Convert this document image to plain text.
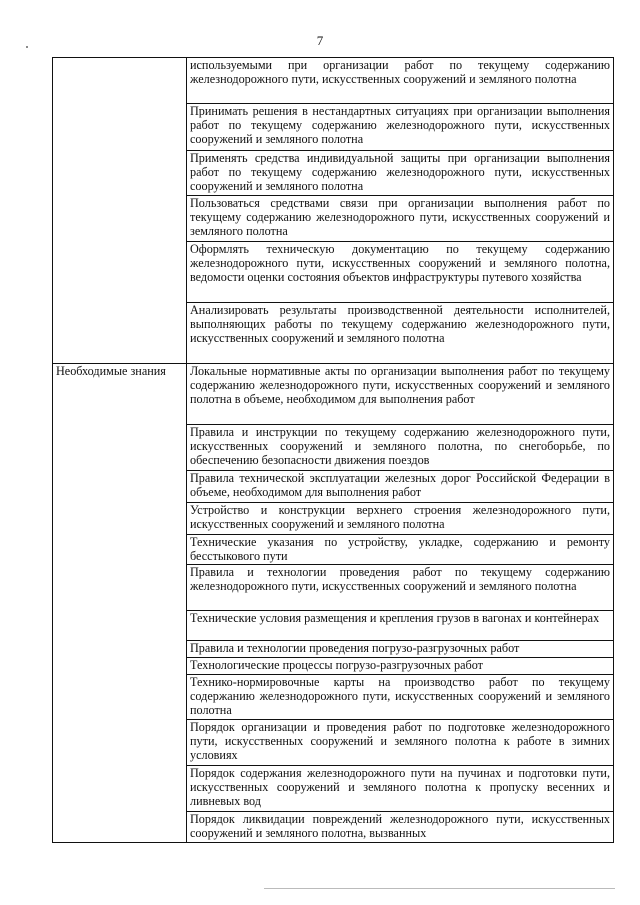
7
	используемыми при организации работ по текущему содержанию железнодорожного пути, искусственных сооружений и земляного полотна
	Принимать решения в нестандартных ситуациях при организации выполнения работ по текущему содержанию железнодорожного пути, искусственных сооружений и земляного полотна
	Применять средства индивидуальной защиты при организации выполнения работ по текущему содержанию железнодорожного пути, искусственных сооружений и земляного полотна
	Пользоваться средствами связи при организации выполнения работ по текущему содержанию железнодорожного пути, искусственных сооружений и земляного полотна
	Оформлять техническую документацию по текущему содержанию железнодорожного пути, искусственных сооружений и земляного полотна, ведомости оценки состояния объектов инфраструктуры путевого хозяйства
	Анализировать результаты производственной деятельности исполнителей, выполняющих работы по текущему содержанию железнодорожного пути, искусственных сооружений и земляного полотна
Необходимые знания	Локальные нормативные акты по организации выполнения работ по текущему содержанию железнодорожного пути, искусственных сооружений и земляного полотна в объеме, необходимом для выполнения работ
	Правила и инструкции по текущему содержанию железнодорожного пути, искусственных сооружений и земляного полотна, по снегоборьбе, по обеспечению безопасности движения поездов
	Правила технической эксплуатации железных дорог Российской Федерации в объеме, необходимом для выполнения работ
	Устройство и конструкции верхнего строения железнодорожного пути, искусственных сооружений и земляного полотна
	Технические указания по устройству, укладке, содержанию и ремонту бесстыкового пути
	Правила и технологии проведения работ по текущему содержанию железнодорожного пути, искусственных сооружений и земляного полотна
	Технические условия размещения и крепления грузов в вагонах и контейнерах
	Правила и технологии проведения погрузо-разгрузочных работ
	Технологические процессы погрузо-разгрузочных работ
	Технико-нормировочные карты на производство работ по текущему содержанию железнодорожного пути, искусственных сооружений и земляного полотна
	Порядок организации и проведения работ по подготовке железнодорожного пути, искусственных сооружений и земляного полотна к работе в зимних условиях
	Порядок содержания железнодорожного пути на пучинах и подготовки пути, искусственных сооружений и земляного полотна к пропуску весенних и ливневых вод
	Порядок ликвидации повреждений железнодорожного пути, искусственных сооружений и земляного полотна, вызванных
